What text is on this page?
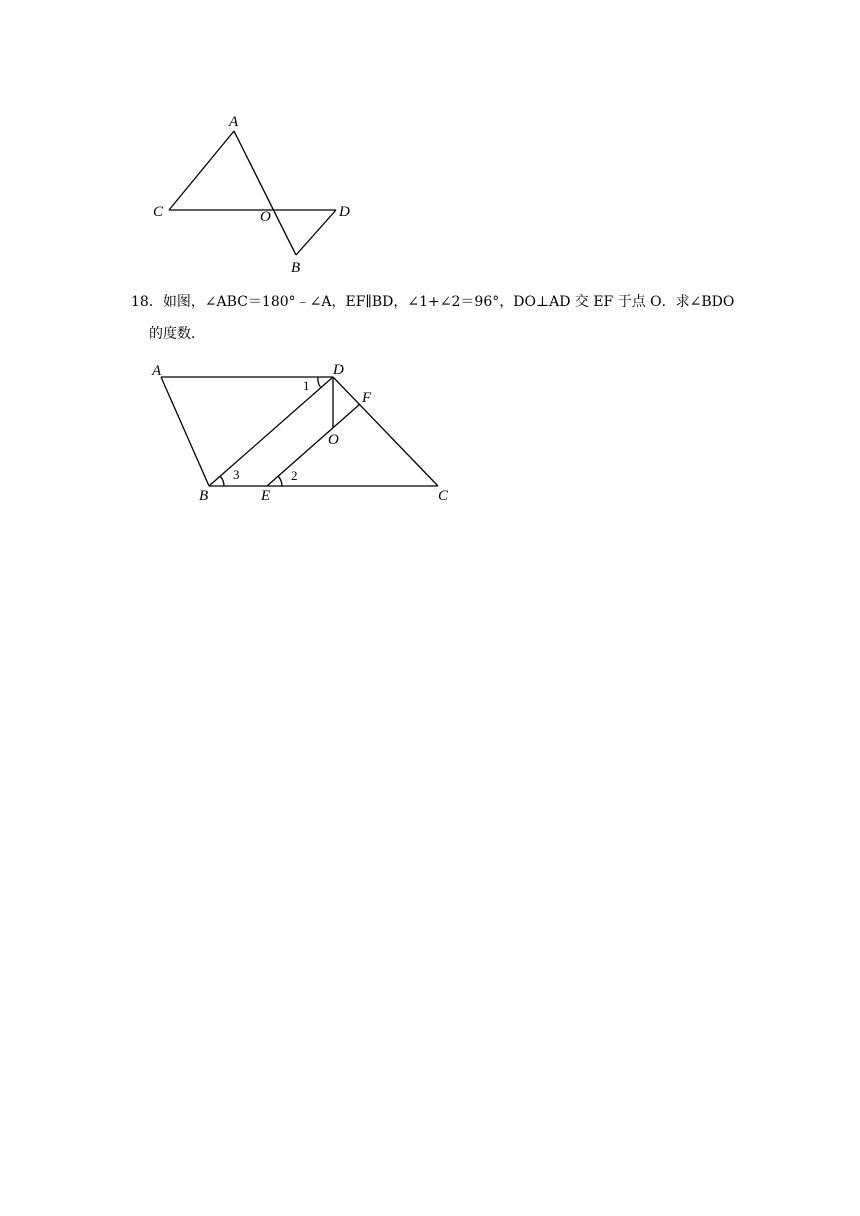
A
C	O	D
B
18．如图，∠ABC＝180°﹣∠A，EF∥BD，∠1+∠2＝96°，DO⊥AD 交 EF 于点 O．求∠BDO
的度数．
A	D
F
O
B	E	C
1
3	2
